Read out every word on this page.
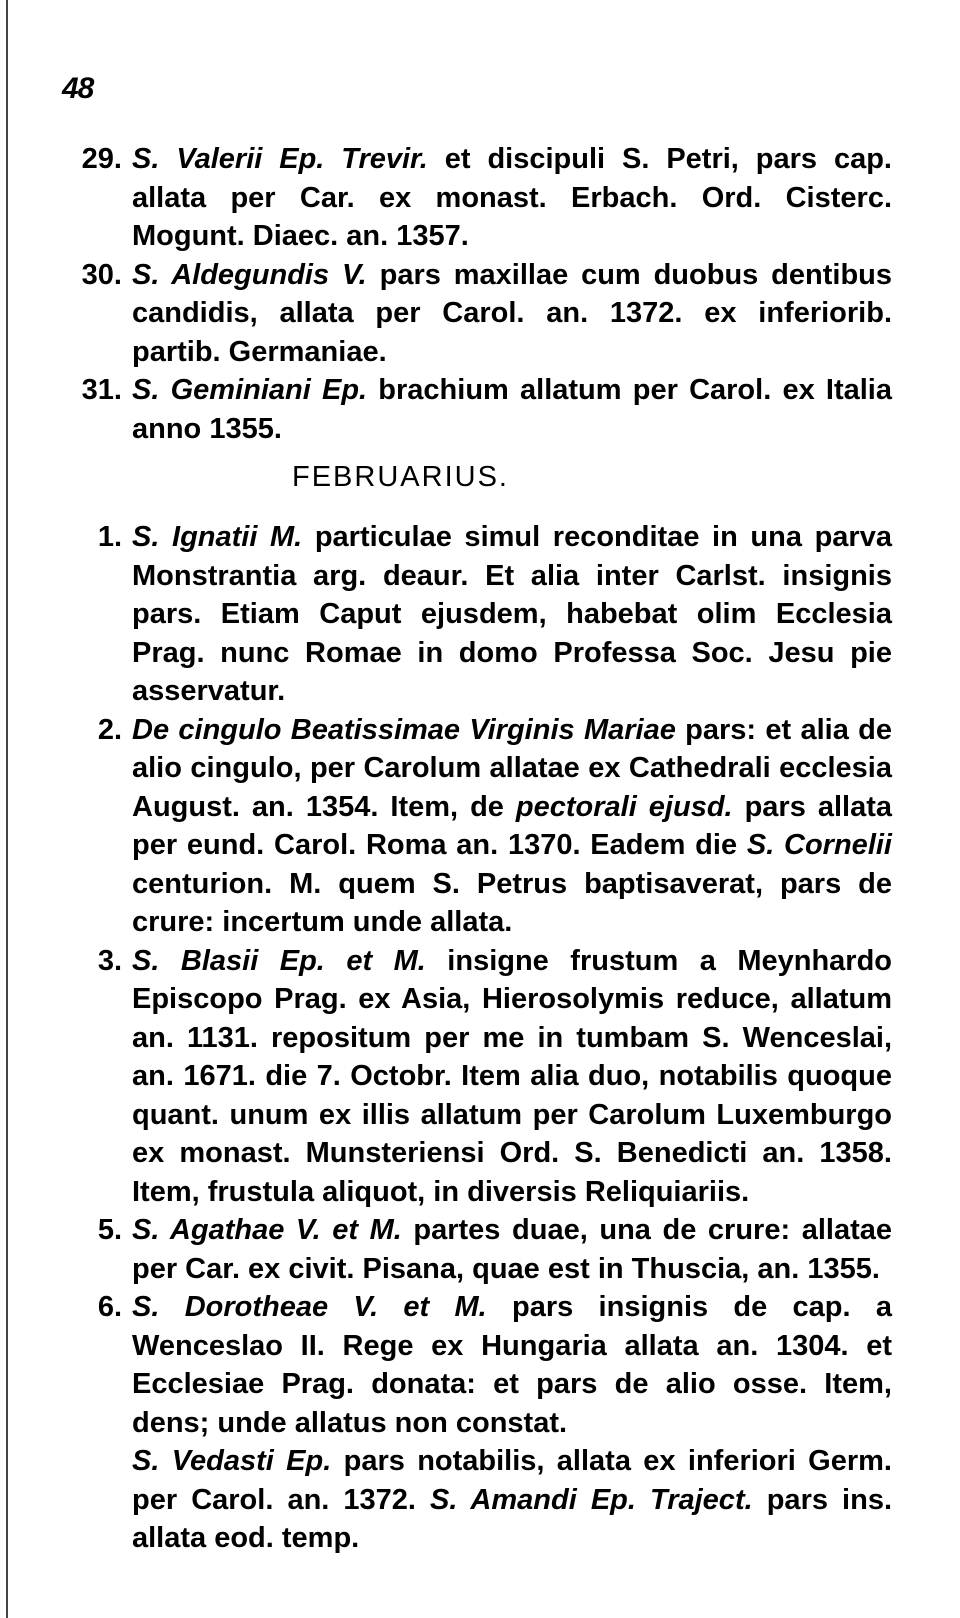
48
29. S. Valerii Ep. Trevir. et discipuli S. Petri, pars cap. allata per Car. ex monast. Erbach. Ord. Cisterc. Mogunt. Diaec. an. 1357.
30. S. Aldegundis V. pars maxillae cum duobus dentibus candidis, allata per Carol. an. 1372. ex inferiorib. partib. Germaniae.
31. S. Geminiani Ep. brachium allatum per Carol. ex Italia anno 1355.
FEBRUARIUS.
1. S. Ignatii M. particulae simul reconditae in una parva Monstrantia arg. deaur. Et alia inter Carlst. insignis pars. Etiam Caput ejusdem, habebat olim Ecclesia Prag. nunc Romae in domo Professa Soc. Jesu pie asservatur.
2. De cingulo Beatissimae Virginis Mariae pars: et alia de alio cingulo, per Carolum allatae ex Cathedrali ecclesia August. an. 1354. Item, de pectorali ejusd. pars allata per eund. Carol. Roma an. 1370. Eadem die S. Cornelii centurion. M. quem S. Petrus baptisaverat, pars de crure: incertum unde allata.
3. S. Blasii Ep. et M. insigne frustum a Meynhardo Episcopo Prag. ex Asia, Hierosolymis reduce, allatum an. 1131. repositum per me in tumbam S. Wenceslai, an. 1671. die 7. Octobr. Item alia duo, notabilis quoque quant. unum ex illis allatum per Carolum Luxemburgo ex monast. Munsteriensi Ord. S. Benedicti an. 1358. Item, frustula aliquot, in diversis Reliquiariis.
5. S. Agathae V. et M. partes duae, una de crure: allatae per Car. ex civit. Pisana, quae est in Thuscia, an. 1355.
6. S. Dorotheae V. et M. pars insignis de cap. a Wenceslao II. Rege ex Hungaria allata an. 1304. et Ecclesiae Prag. donata: et pars de alio osse. Item, dens; unde allatus non constat.
S. Vedasti Ep. pars notabilis, allata ex inferiori Germ. per Carol. an. 1372. S. Amandi Ep. Traject. pars ins. allata eod. temp.
